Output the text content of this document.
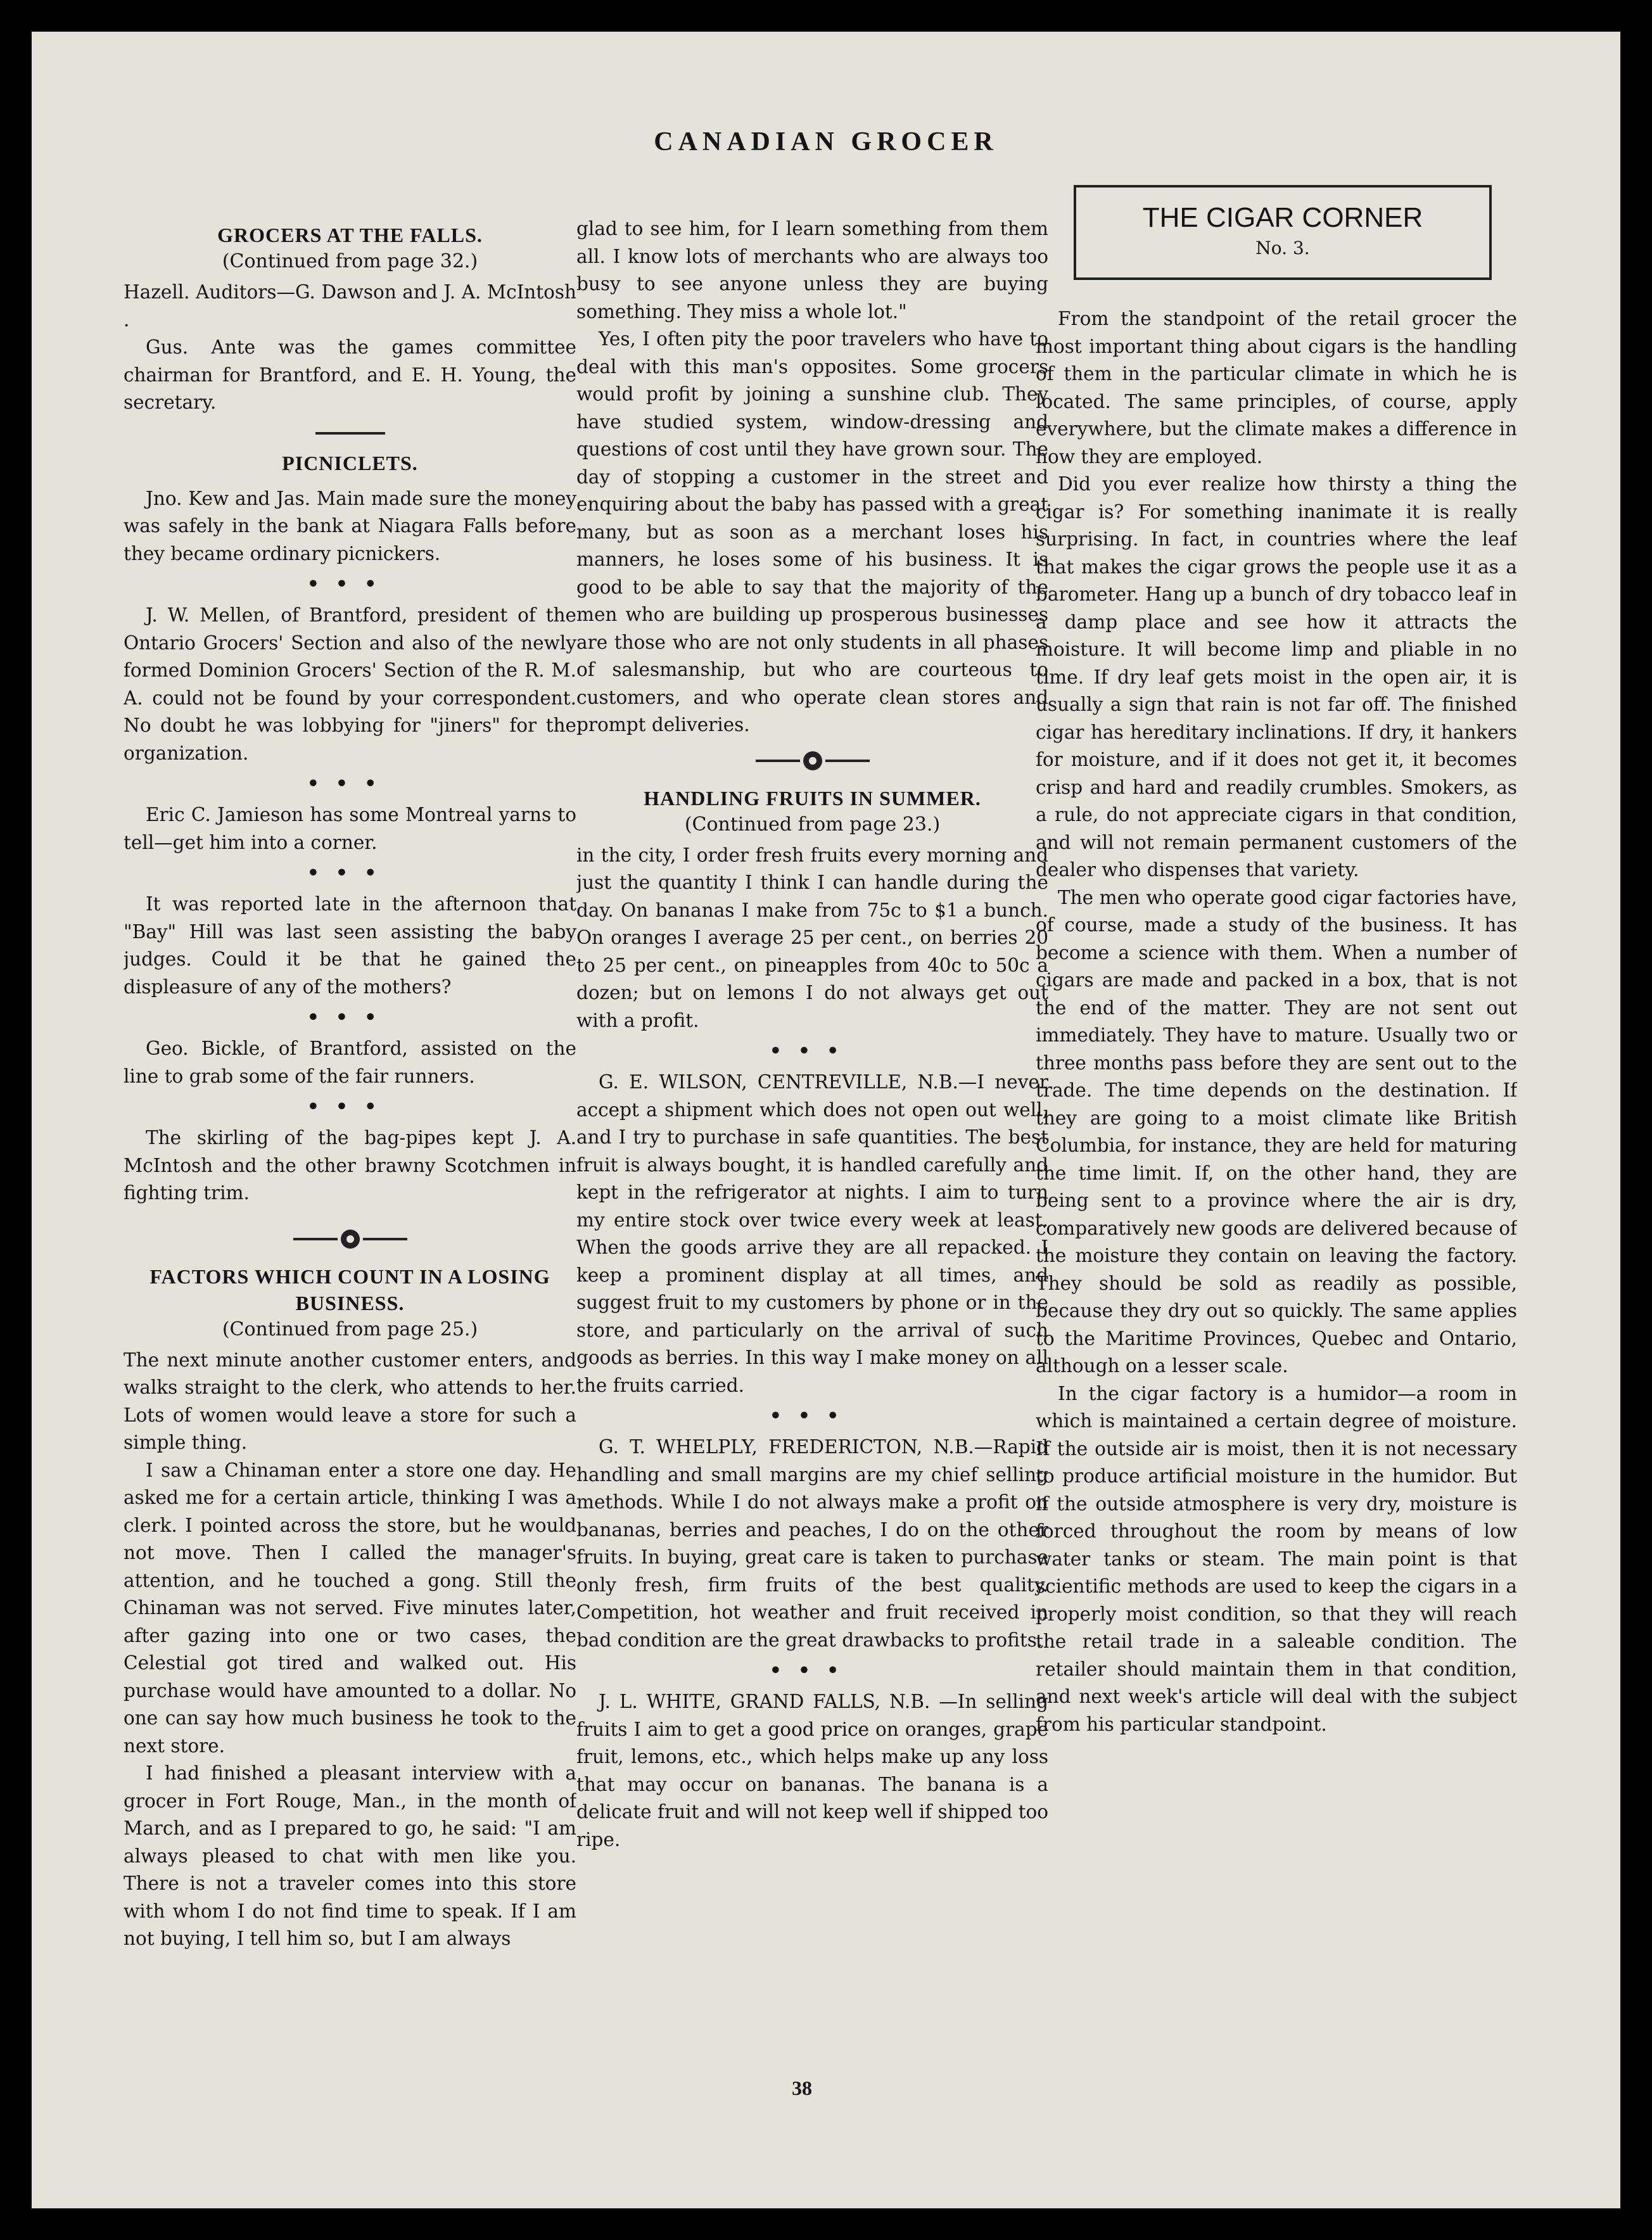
CANADIAN GROCER
GROCERS AT THE FALLS.
(Continued from page 32.)

Hazell. Auditors—G. Dawson and J. A. McIntosh .

Gus. Ante was the games committee chairman for Brantford, and E. H. Young, the secretary.

PICNICLETS.

Jno. Kew and Jas. Main made sure the money was safely in the bank at Niagara Falls before they became ordinary picnickers.

•••

J. W. Mellen, of Brantford, president of the Ontario Grocers' Section and also of the newly formed Dominion Grocers' Section of the R. M. A. could not be found by your correspondent. No doubt he was lobbying for "jiners" for the organization.

•••

Eric C. Jamieson has some Montreal yarns to tell—get him into a corner.

•••

It was reported late in the afternoon that "Bay" Hill was last seen assisting the baby judges. Could it be that he gained the displeasure of any of the mothers?

•••

Geo. Bickle, of Brantford, assisted on the line to grab some of the fair runners.

•••

The skirling of the bag-pipes kept J. A. McIntosh and the other brawny Scotchmen in fighting trim.

FACTORS WHICH COUNT IN A LOSING BUSINESS.
(Continued from page 25.)

The next minute another customer enters, and walks straight to the clerk, who attends to her. Lots of women would leave a store for such a simple thing.

I saw a Chinaman enter a store one day. He asked me for a certain article, thinking I was a clerk. I pointed across the store, but he would not move. Then I called the manager's attention, and he touched a gong. Still the Chinaman was not served. Five minutes later, after gazing into one or two cases, the Celestial got tired and walked out. His purchase would have amounted to a dollar. No one can say how much business he took to the next store.

I had finished a pleasant interview with a grocer in Fort Rouge, Man., in the month of March, and as I prepared to go, he said: "I am always pleased to chat with men like you. There is not a traveler comes into this store with whom I do not find time to speak. If I am not buying, I tell him so, but I am always

glad to see him, for I learn something from them all. I know lots of merchants who are always too busy to see anyone unless they are buying something. They miss a whole lot."

Yes, I often pity the poor travelers who have to deal with this man's opposites. Some grocers would profit by joining a sunshine club. They have studied system, window-dressing and questions of cost until they have grown sour. The day of stopping a customer in the street and enquiring about the baby has passed with a great many, but as soon as a merchant loses his manners, he loses some of his business. It is good to be able to say that the majority of the men who are building up prosperous businesses are those who are not only students in all phases of salesmanship, but who are courteous to customers, and who operate clean stores and prompt deliveries.

HANDLING FRUITS IN SUMMER.
(Continued from page 23.)

in the city, I order fresh fruits every morning and just the quantity I think I can handle during the day. On bananas I make from 75c to $1 a bunch. On oranges I average 25 per cent., on berries 20 to 25 per cent., on pineapples from 40c to 50c a dozen; but on lemons I do not always get out with a profit.

•••

G. E. WILSON, CENTREVILLE, N.B.—I never accept a shipment which does not open out well, and I try to purchase in safe quantities. The best fruit is always bought, it is handled carefully and kept in the refrigerator at nights. I aim to turn my entire stock over twice every week at least. When the goods arrive they are all repacked. I keep a prominent display at all times, and suggest fruit to my customers by phone or in the store, and particularly on the arrival of such goods as berries. In this way I make money on all the fruits carried.

•••

G. T. WHELPLY, FREDERICTON, N.B.—Rapid handling and small margins are my chief selling methods. While I do not always make a profit on bananas, berries and peaches, I do on the other fruits. In buying, great care is taken to purchase only fresh, firm fruits of the best quality. Competition, hot weather and fruit received in bad condition are the great drawbacks to profits.

•••

J. L. WHITE, GRAND FALLS, N.B. —In selling fruits I aim to get a good price on oranges, grape fruit, lemons, etc., which helps make up any loss that may occur on bananas. The banana is a delicate fruit and will not keep well if shipped too ripe.

THE CIGAR CORNER
No. 3.

From the standpoint of the retail grocer the most important thing about cigars is the handling of them in the particular climate in which he is located. The same principles, of course, apply everywhere, but the climate makes a difference in how they are employed.

Did you ever realize how thirsty a thing the cigar is? For something inanimate it is really surprising. In fact, in countries where the leaf that makes the cigar grows the people use it as a barometer. Hang up a bunch of dry tobacco leaf in a damp place and see how it attracts the moisture. It will become limp and pliable in no time. If dry leaf gets moist in the open air, it is usually a sign that rain is not far off. The finished cigar has hereditary inclinations. If dry, it hankers for moisture, and if it does not get it, it becomes crisp and hard and readily crumbles. Smokers, as a rule, do not appreciate cigars in that condition, and will not remain permanent customers of the dealer who dispenses that variety.

The men who operate good cigar factories have, of course, made a study of the business. It has become a science with them. When a number of cigars are made and packed in a box, that is not the end of the matter. They are not sent out immediately. They have to mature. Usually two or three months pass before they are sent out to the trade. The time depends on the destination. If they are going to a moist climate like British Columbia, for instance, they are held for maturing the time limit. If, on the other hand, they are being sent to a province where the air is dry, comparatively new goods are delivered because of the moisture they contain on leaving the factory. They should be sold as readily as possible, because they dry out so quickly. The same applies to the Maritime Provinces, Quebec and Ontario, although on a lesser scale.

In the cigar factory is a humidor—a room in which is maintained a certain degree of moisture. If the outside air is moist, then it is not necessary to produce artificial moisture in the humidor. But if the outside atmosphere is very dry, moisture is forced throughout the room by means of low water tanks or steam. The main point is that scientific methods are used to keep the cigars in a properly moist condition, so that they will reach the retail trade in a saleable condition. The retailer should maintain them in that condition, and next week's article will deal with the subject from his particular standpoint.

38
